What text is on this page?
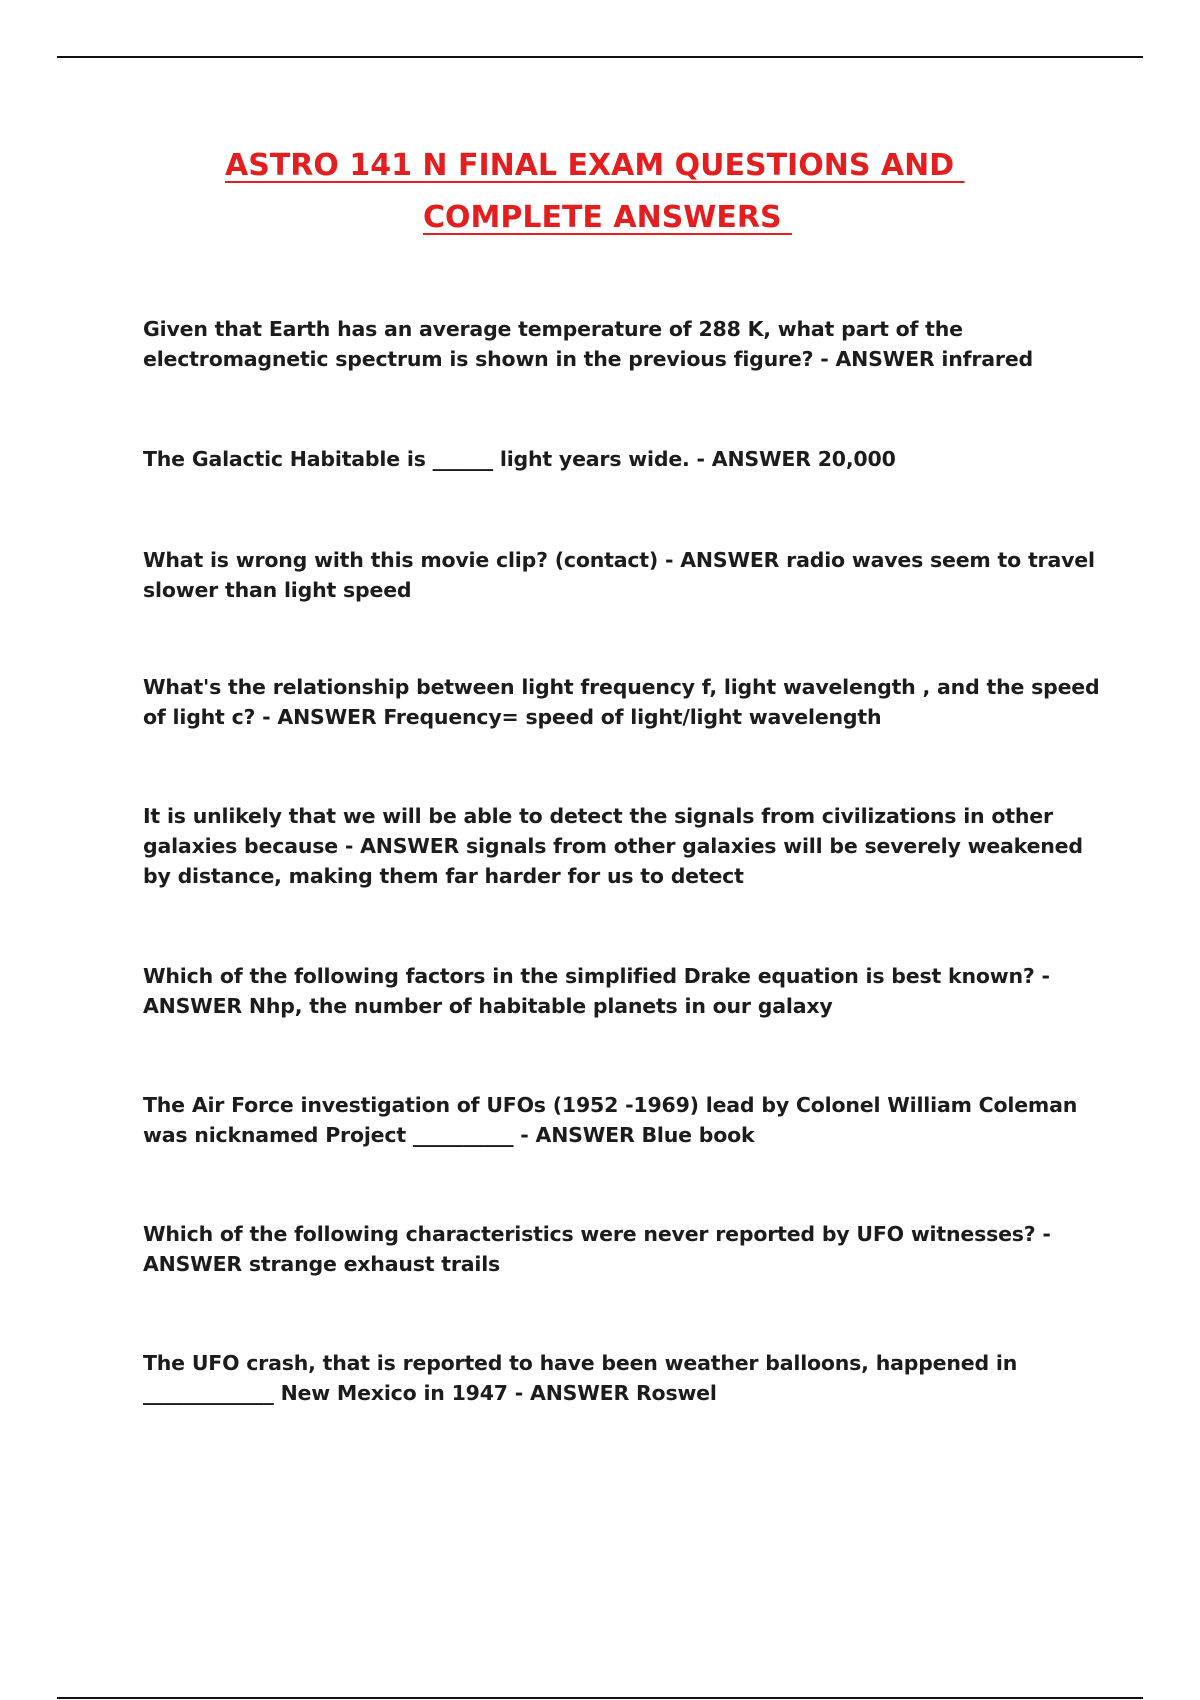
ASTRO 141 N FINAL EXAM QUESTIONS AND
COMPLETE ANSWERS
Given that Earth has an average temperature of 288 K, what part of the electromagnetic spectrum is shown in the previous figure? - ANSWER infrared
The Galactic Habitable is ______ light years wide. - ANSWER 20,000
What is wrong with this movie clip? (contact) - ANSWER radio waves seem to travel slower than light speed
What's the relationship between light frequency f, light wavelength , and the speed of light c? - ANSWER Frequency= speed of light/light wavelength
It is unlikely that we will be able to detect the signals from civilizations in other galaxies because - ANSWER signals from other galaxies will be severely weakened by distance, making them far harder for us to detect
Which of the following factors in the simplified Drake equation is best known? - ANSWER Nhp, the number of habitable planets in our galaxy
The Air Force investigation of UFOs (1952 -1969) lead by Colonel William Coleman was nicknamed Project __________ - ANSWER Blue book
Which of the following characteristics were never reported by UFO witnesses? - ANSWER strange exhaust trails
The UFO crash, that is reported to have been weather balloons, happened in _____________ New Mexico in 1947 - ANSWER Roswel
